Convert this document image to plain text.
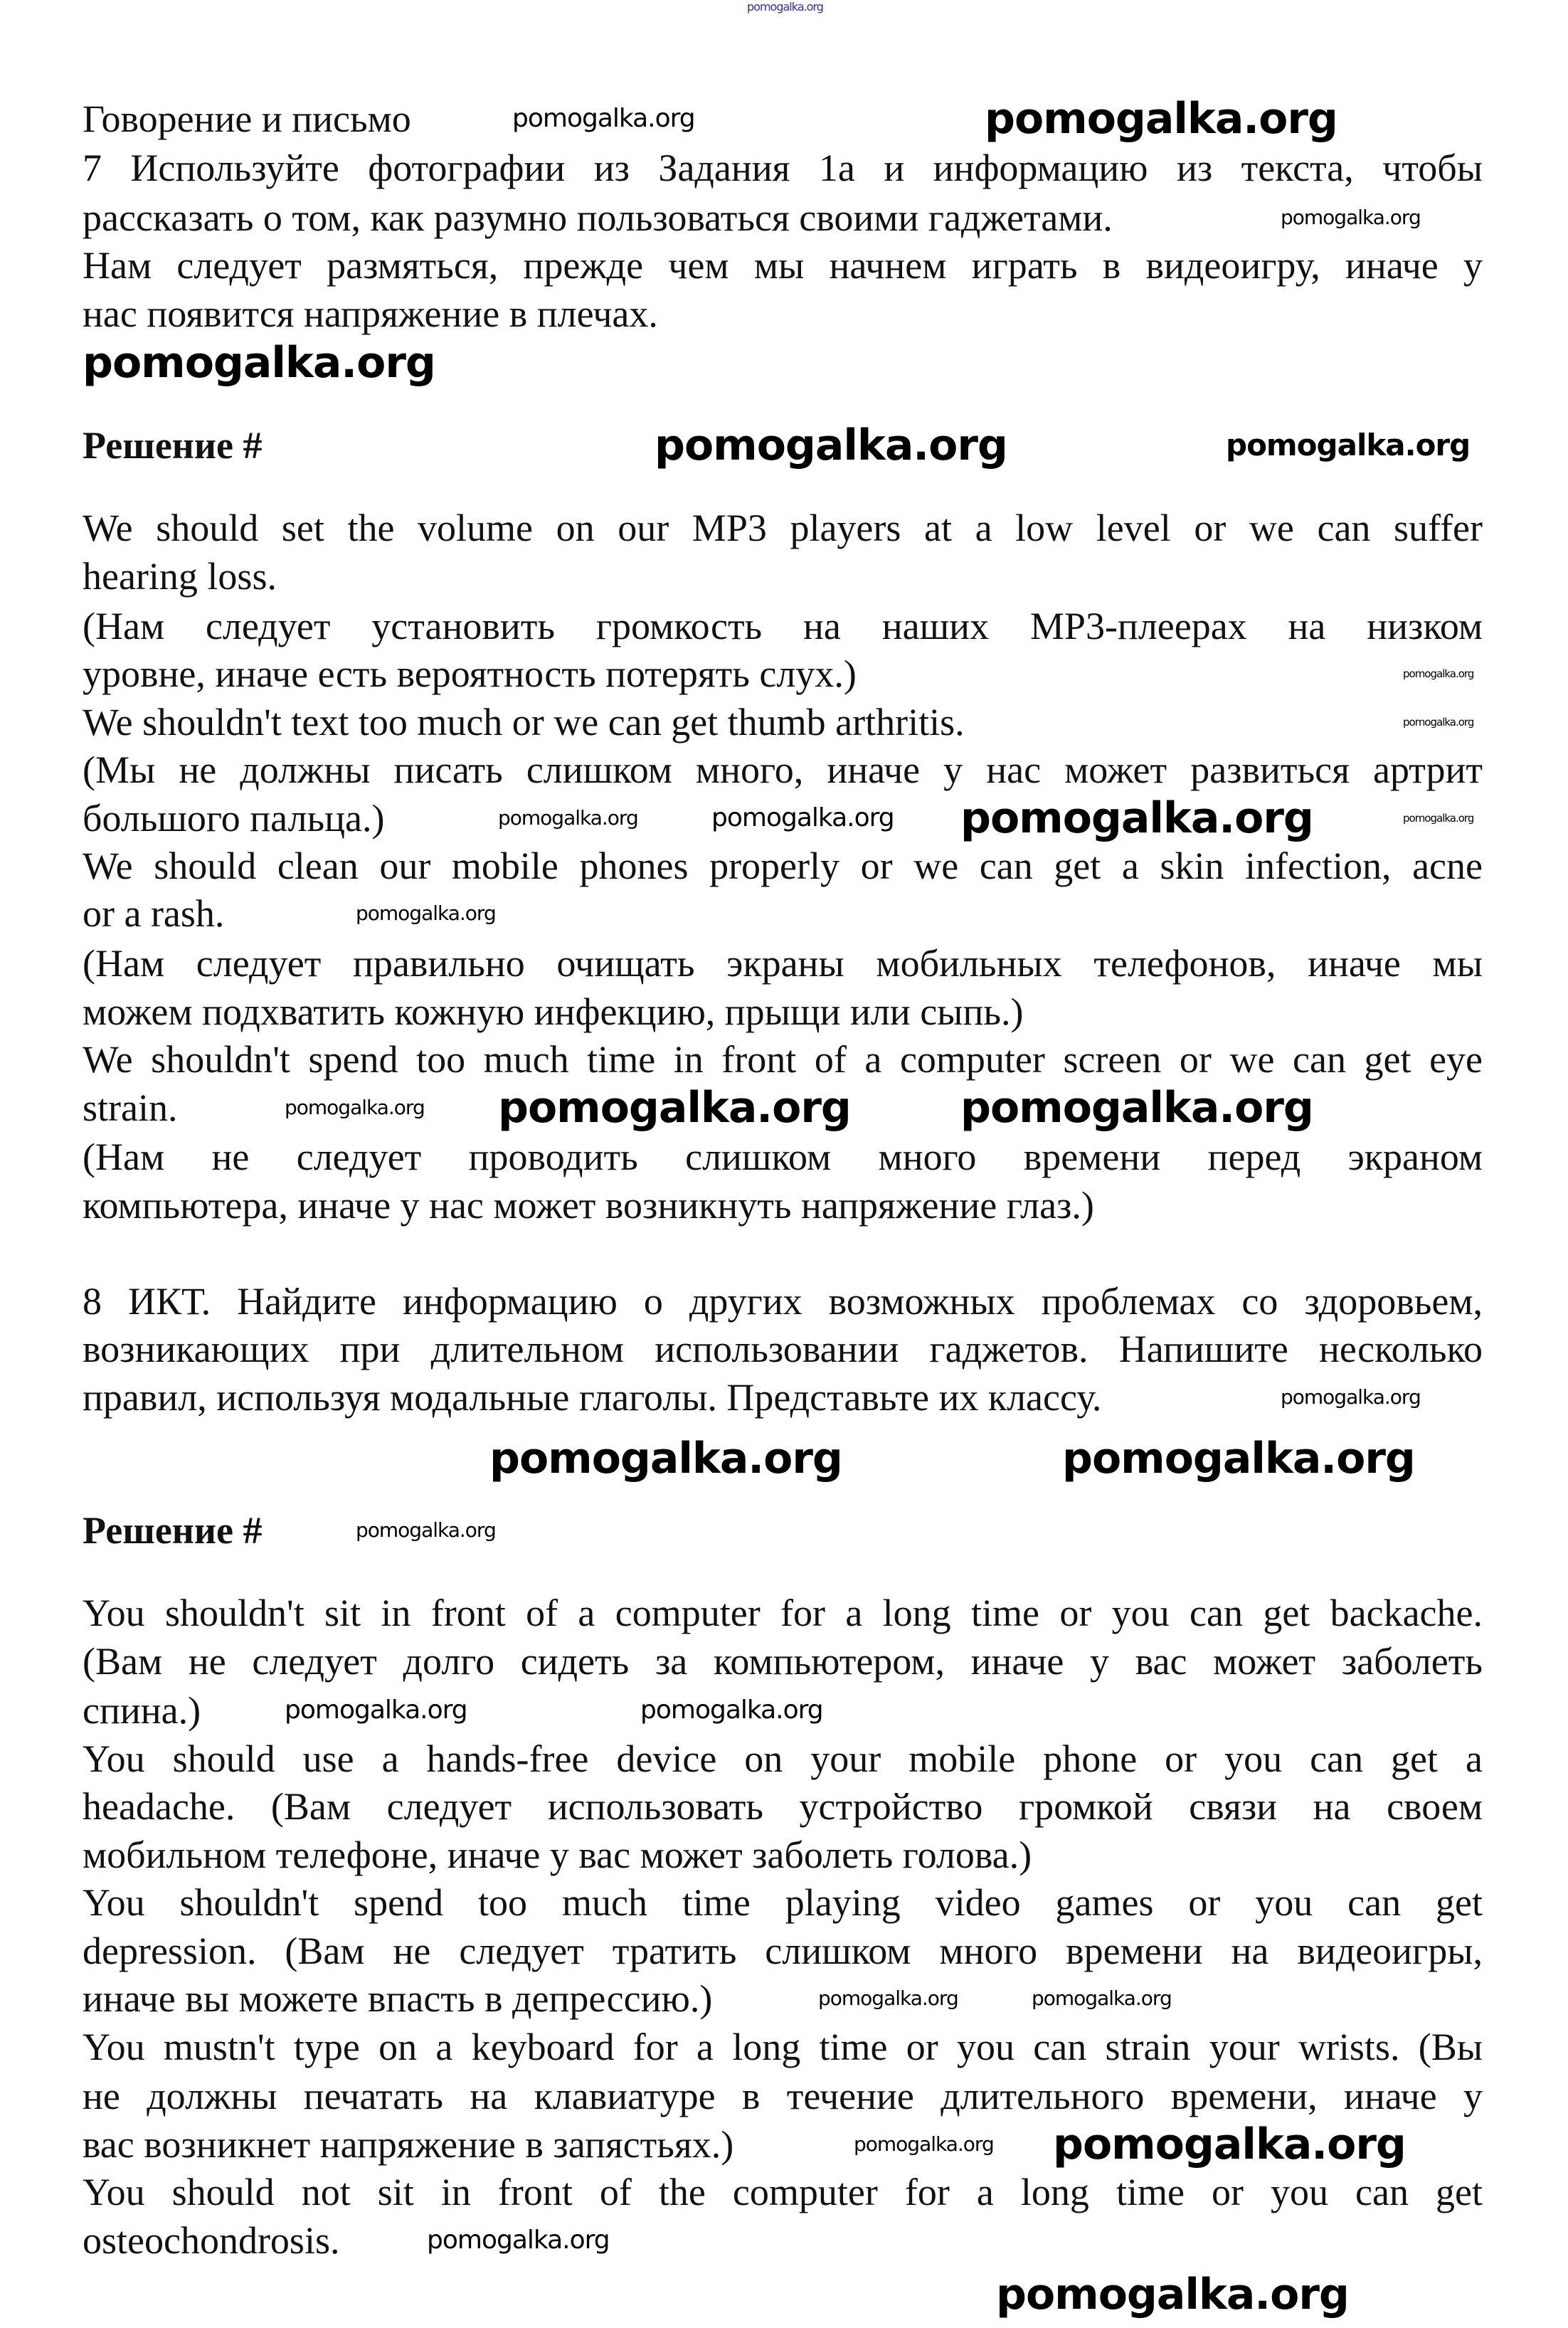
Говорение и письмо
7 Используйте фотографии из Задания 1а и информацию из текста, чтобы
рассказать о том, как разумно пользоваться своими гаджетами.
Нам следует размяться, прежде чем мы начнем играть в видеоигру, иначе у
нас появится напряжение в плечах.
Решение #
We should set the volume on our MP3 players at a low level or we can suffer
hearing loss.
(Нам следует установить громкость на наших MP3-плеерах на низком
уровне, иначе есть вероятность потерять слух.)
We shouldn't text too much or we can get thumb arthritis.
(Мы не должны писать слишком много, иначе у нас может развиться артрит
большого пальца.)
We should clean our mobile phones properly or we can get a skin infection, acne
or a rash.
(Нам следует правильно очищать экраны мобильных телефонов, иначе мы
можем подхватить кожную инфекцию, прыщи или сыпь.)
We shouldn't spend too much time in front of a computer screen or we can get eye
strain.
(Нам не следует проводить слишком много времени перед экраном
компьютера, иначе у нас может возникнуть напряжение глаз.)
8 ИКТ. Найдите информацию о других возможных проблемах со здоровьем,
возникающих при длительном использовании гаджетов. Напишите несколько
правил, используя модальные глаголы. Представьте их классу.
Решение #
You shouldn't sit in front of a computer for a long time or you can get backache.
(Вам не следует долго сидеть за компьютером, иначе у вас может заболеть
спина.)
You should use a hands-free device on your mobile phone or you can get a
headache. (Вам следует использовать устройство громкой связи на своем
мобильном телефоне, иначе у вас может заболеть голова.)
You shouldn't spend too much time playing video games or you can get
depression. (Вам не следует тратить слишком много времени на видеоигры,
иначе вы можете впасть в депрессию.)
You mustn't type on a keyboard for a long time or you can strain your wrists. (Вы
не должны печатать на клавиатуре в течение длительного времени, иначе у
вас возникнет напряжение в запястьях.)
You should not sit in front of the computer for a long time or you can get
osteochondrosis.
pomogalka.org	pomogalka.org
pomogalka.org
pomogalka.org	pomogalka.org
pomogalka.org
pomogalka.org
pomogalka.org	pomogalka.org pomogalka.org	pomogalka.org
pomogalka.org
pomogalka.org pomogalka.org	pomogalka.org
pomogalka.org
pomogalka.org
pomogalka.org	pomogalka.org
pomogalka.org	pomogalka.org
pomogalka.org pomogalka.org
pomogalka.org
pomogalka.org
pomogalka.org
pomogalka.org	pomogalka.org
pomogalka.org
